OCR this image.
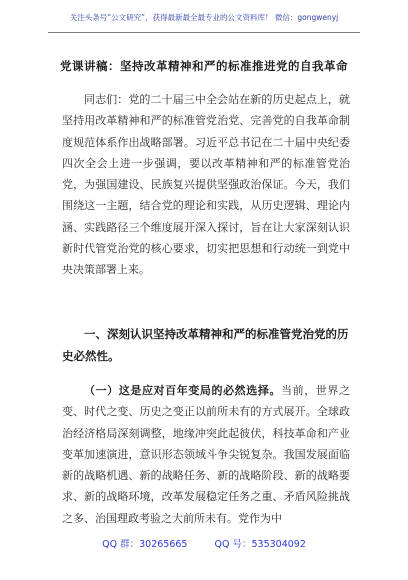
关注头条号“公文研究”，获得最新最全最专业的公文资料库！ 微信：gongwenyj
党课讲稿：坚持改革精神和严的标准推进党的自我革命
同志们：党的二十届三中全会站在新的历史起点上，就坚持用改革精神和严的标准管党治党、完善党的自我革命制度规范体系作出战略部署。习近平总书记在二十届中央纪委四次全会上进一步强调，要以改革精神和严的标准管党治党，为强国建设、民族复兴提供坚强政治保证。今天，我们围绕这一主题，结合党的理论和实践，从历史逻辑、理论内涵、实践路径三个维度展开深入探讨，旨在让大家深刻认识新时代管党治党的核心要求，切实把思想和行动统一到党中央决策部署上来。
一、深刻认识坚持改革精神和严的标准管党治党的历史必然性。
（一）这是应对百年变局的必然选择。当前，世界之变、时代之变、历史之变正以前所未有的方式展开。全球政治经济格局深刻调整，地缘冲突此起彼伏，科技革命和产业变革加速演进，意识形态领域斗争尖锐复杂。我国发展面临新的战略机遇、新的战略任务、新的战略阶段、新的战略要求、新的战略环境，改革发展稳定任务之重、矛盾风险挑战之多、治国理政考验之大前所未有。党作为中
QQ 群：30265665	QQ 号：535304092
